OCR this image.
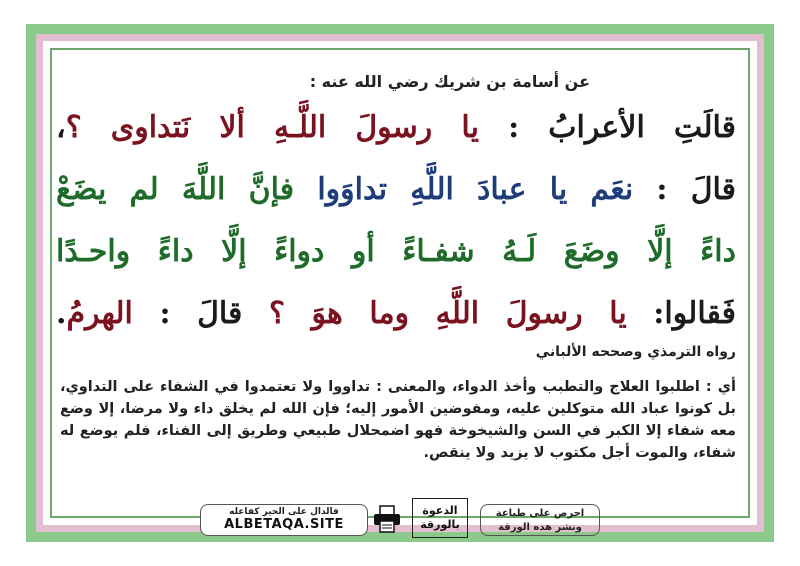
عن أسامة بن شريك رضي الله عنه :
قالَتِ الأعرابُ : يا رسولَ اللَّـهِ ألا نَتداوى ؟،
قالَ : نعَم يا عبادَ اللَّهِ تداوَوا فإنَّ اللَّهَ لم يضَعْ
داءً إلَّا وضَعَ لَـهُ شفـاءً أو دواءً إلَّا داءً واحـدًا
فَقالوا: يا رسولَ اللَّهِ وما هوَ ؟ قالَ : الهرمُ.
رواه الترمذي وصححه الألباني
أي : اطلبوا العلاج والتطبب وأخذ الدواء، والمعنى : تداووا ولا تعتمدوا في الشفاء على التداوي، بل كونوا عباد الله متوكلين عليه، ومفوضين الأمور إليه؛ فإن الله لم يخلق داء ولا مرضا، إلا وضع معه شفاء إلا الكبر في السن والشيخوخة فهو اضمحلال طبيعي وطريق إلى الفناء، فلم يوضع له شفاء، والموت أجل مكتوب لا يزيد ولا ينقص.
فالدال على الخير كفاعله
ALBETAQA.SITE
الدعوة
بالورقة
احرص على طباعة
ونشر هذه الورقة
